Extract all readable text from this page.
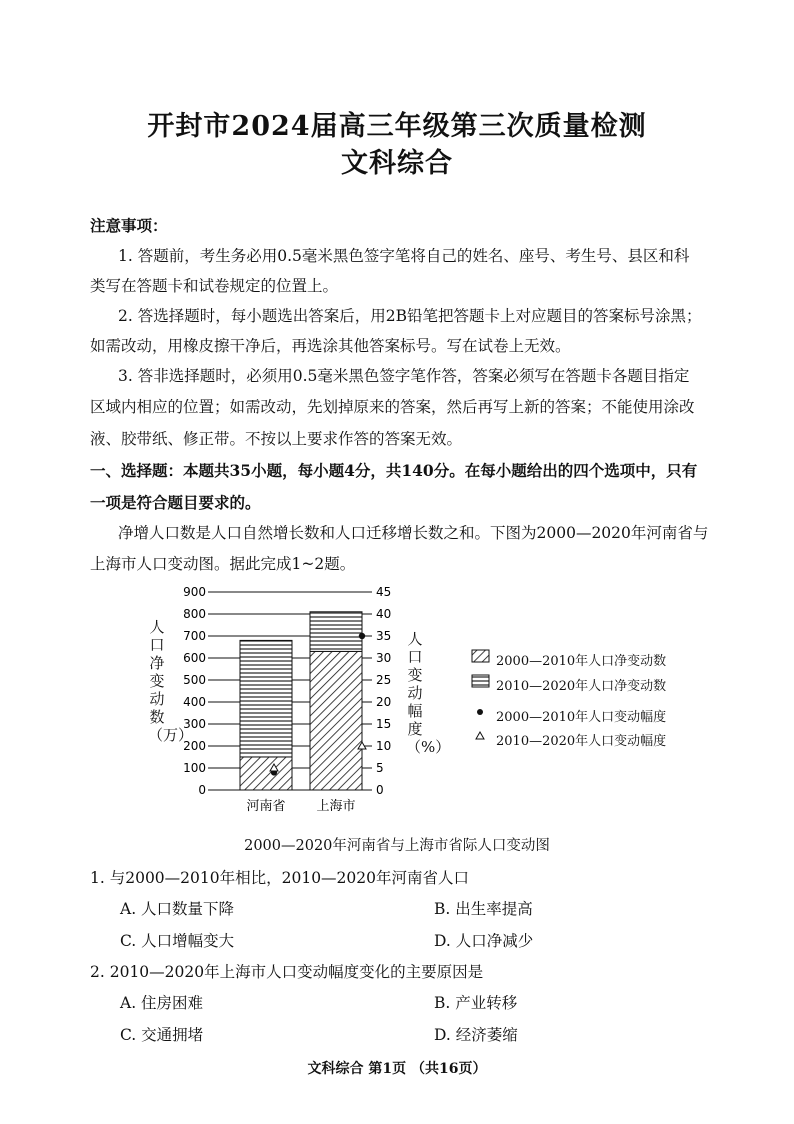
开封市2024届高三年级第三次质量检测
文科综合
注意事项：
1. 答题前，考生务必用0.5毫米黑色签字笔将自己的姓名、座号、考生号、县区和科
类写在答题卡和试卷规定的位置上。
2. 答选择题时，每小题选出答案后，用2B铅笔把答题卡上对应题目的答案标号涂黑；
如需改动，用橡皮擦干净后，再选涂其他答案标号。写在试卷上无效。
3. 答非选择题时，必须用0.5毫米黑色签字笔作答，答案必须写在答题卡各题目指定
区域内相应的位置；如需改动，先划掉原来的答案，然后再写上新的答案；不能使用涂改
液、胶带纸、修正带。不按以上要求作答的答案无效。
一、选择题：本题共35小题，每小题4分，共140分。在每小题给出的四个选项中，只有
一项是符合题目要求的。
净增人口数是人口自然增长数和人口迁移增长数之和。下图为2000—2020年河南省与
上海市人口变动图。据此完成1~2题。
人口净变动数（万）
人口变动幅度（%）
0	0
100	5
200	10
300	15
400	20
500	25
600	30
700	35
800	40
900	45
河南省 上海市
2000—2010年人口净变动数
2010—2020年人口净变动数
2000—2010年人口变动幅度
2010—2020年人口变动幅度
2000—2020年河南省与上海市省际人口变动图
1. 与2000—2010年相比，2010—2020年河南省人口
A. 人口数量下降	B. 出生率提高
C. 人口增幅变大	D. 人口净减少
2. 2010—2020年上海市人口变动幅度变化的主要原因是
A. 住房困难	B. 产业转移
C. 交通拥堵	D. 经济萎缩
文科综合 第1页 （共16页）
